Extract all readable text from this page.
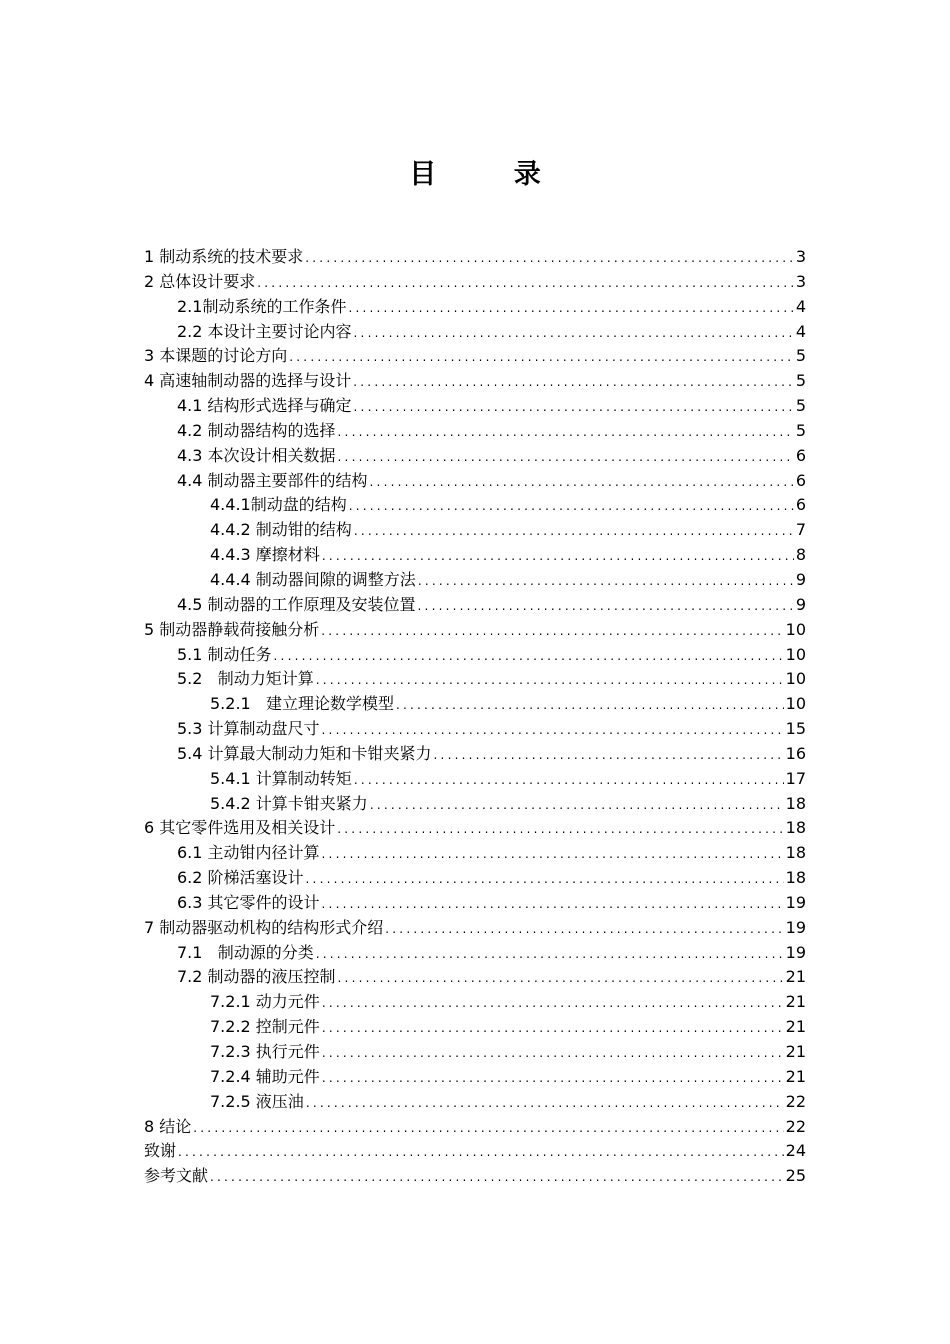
目 录
1 制动系统的技术要求 .....	3
2 总体设计要求 .....	3
2.1制动系统的工作条件 .....	4
2.2 本设计主要讨论内容 .....	4
3 本课题的讨论方向 .....	5
4 高速轴制动器的选择与设计 .....	5
4.1 结构形式选择与确定 .....	5
4.2 制动器结构的选择 .....	5
4.3 本次设计相关数据 .....	6
4.4 制动器主要部件的结构 .....	6
4.4.1制动盘的结构 .....	6
4.4.2 制动钳的结构 .....	7
4.4.3 摩擦材料 .....	8
4.4.4 制动器间隙的调整方法 .....	9
4.5 制动器的工作原理及安装位置 .....	9
5 制动器静载荷接触分析 .....	10
5.1 制动任务 .....	10
5.2   制动力矩计算 .....	10
5.2.1   建立理论数学模型 .....	10
5.3 计算制动盘尺寸 .....	15
5.4 计算最大制动力矩和卡钳夹紧力 .....	16
5.4.1 计算制动转矩 .....	17
5.4.2 计算卡钳夹紧力 .....	18
6 其它零件选用及相关设计 .....	18
6.1 主动钳内径计算 .....	18
6.2 阶梯活塞设计 .....	18
6.3 其它零件的设计 .....	19
7 制动器驱动机构的结构形式介绍 .....	19
7.1   制动源的分类 .....	19
7.2 制动器的液压控制 .....	21
7.2.1 动力元件 .....	21
7.2.2 控制元件 .....	21
7.2.3 执行元件 .....	21
7.2.4 辅助元件 .....	21
7.2.5 液压油 .....	22
8 结论 .....	22
致谢 .....	24
参考文献 .....	25
